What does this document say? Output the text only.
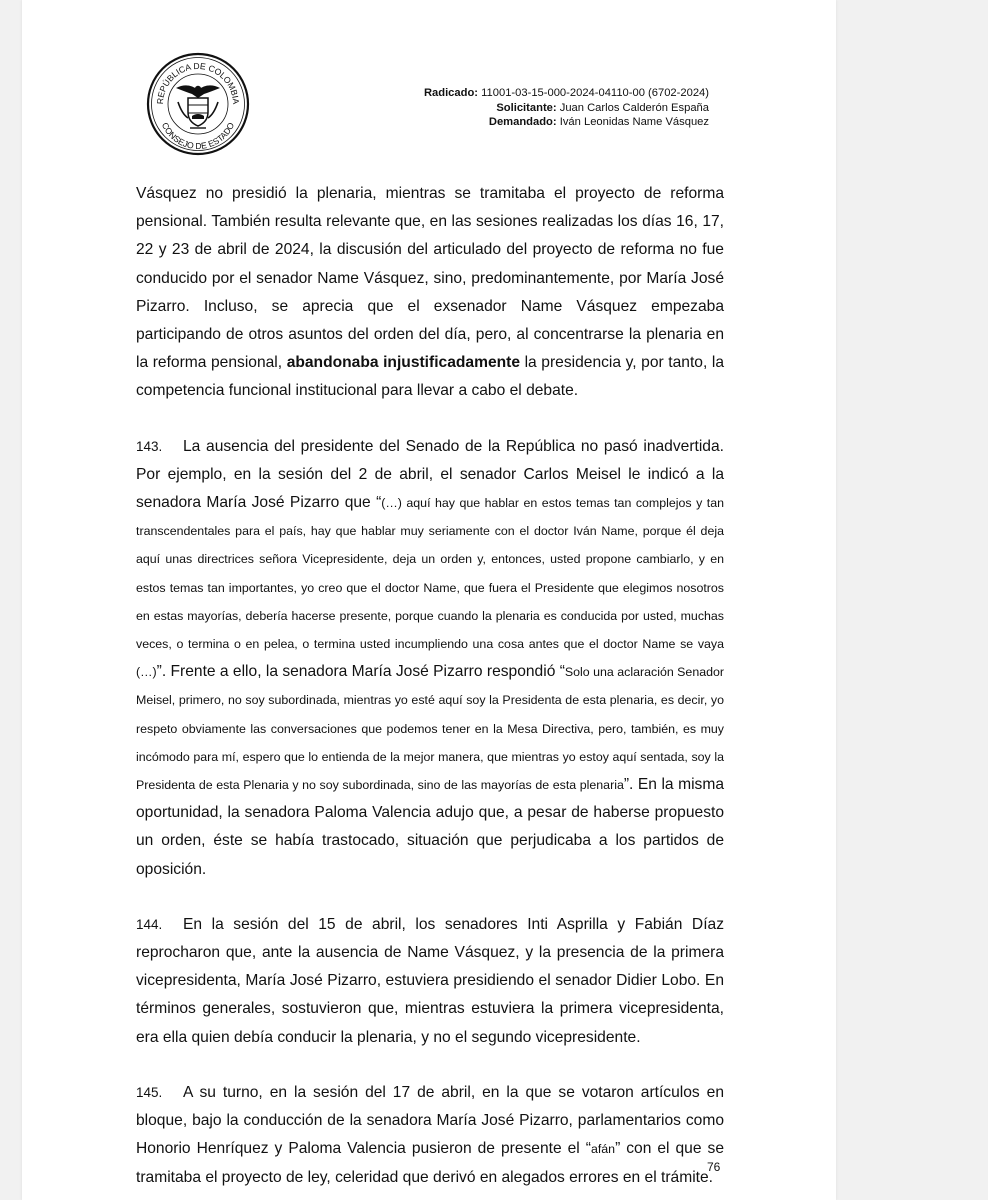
REPÚBLICA DE COLOMBIA
CONSEJO DE ESTADO
Radicado: 11001-03-15-000-2024-04110-00 (6702-2024)
Solicitante: Juan Carlos Calderón España
Demandado: Iván Leonidas Name Vásquez

Vásquez no presidió la plenaria, mientras se tramitaba el proyecto de reforma pensional. También resulta relevante que, en las sesiones realizadas los días 16, 17, 22 y 23 de abril de 2024, la discusión del articulado del proyecto de reforma no fue conducido por el senador Name Vásquez, sino, predominantemente, por María José Pizarro. Incluso, se aprecia que el exsenador Name Vásquez empezaba participando de otros asuntos del orden del día, pero, al concentrarse la plenaria en la reforma pensional, abandonaba injustificadamente la presidencia y, por tanto, la competencia funcional institucional para llevar a cabo el debate.

143. La ausencia del presidente del Senado de la República no pasó inadvertida. Por ejemplo, en la sesión del 2 de abril, el senador Carlos Meisel le indicó a la senadora María José Pizarro que “(…) aquí hay que hablar en estos temas tan complejos y tan transcendentales para el país, hay que hablar muy seriamente con el doctor Iván Name, porque él deja aquí unas directrices señora Vicepresidente, deja un orden y, entonces, usted propone cambiarlo, y en estos temas tan importantes, yo creo que el doctor Name, que fuera el Presidente que elegimos nosotros en estas mayorías, debería hacerse presente, porque cuando la plenaria es conducida por usted, muchas veces, o termina o en pelea, o termina usted incumpliendo una cosa antes que el doctor Name se vaya (…)”. Frente a ello, la senadora María José Pizarro respondió “Solo una aclaración Senador Meisel, primero, no soy subordinada, mientras yo esté aquí soy la Presidenta de esta plenaria, es decir, yo respeto obviamente las conversaciones que podemos tener en la Mesa Directiva, pero, también, es muy incómodo para mí, espero que lo entienda de la mejor manera, que mientras yo estoy aquí sentada, soy la Presidenta de esta Plenaria y no soy subordinada, sino de las mayorías de esta plenaria”. En la misma oportunidad, la senadora Paloma Valencia adujo que, a pesar de haberse propuesto un orden, éste se había trastocado, situación que perjudicaba a los partidos de oposición.

144. En la sesión del 15 de abril, los senadores Inti Asprilla y Fabián Díaz reprocharon que, ante la ausencia de Name Vásquez, y la presencia de la primera vicepresidenta, María José Pizarro, estuviera presidiendo el senador Didier Lobo. En términos generales, sostuvieron que, mientras estuviera la primera vicepresidenta, era ella quien debía conducir la plenaria, y no el segundo vicepresidente.

145. A su turno, en la sesión del 17 de abril, en la que se votaron artículos en bloque, bajo la conducción de la senadora María José Pizarro, parlamentarios como Honorio Henríquez y Paloma Valencia pusieron de presente el “afán” con el que se tramitaba el proyecto de ley, celeridad que derivó en alegados errores en el trámite.

76
